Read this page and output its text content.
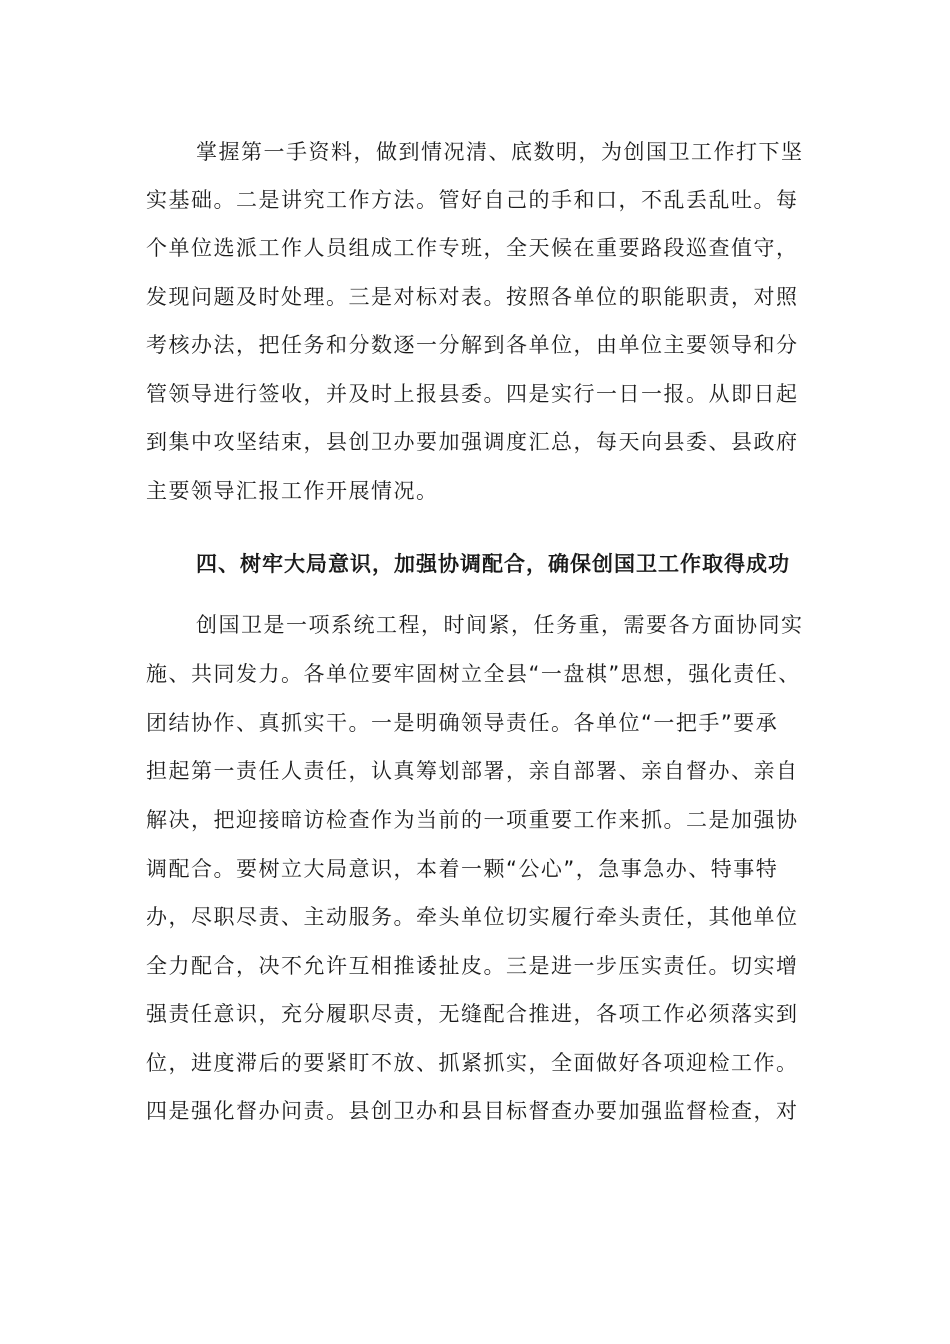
掌握第一手资料，做到情况清、底数明，为创国卫工作打下坚
实基础。二是讲究工作方法。管好自己的手和口，不乱丢乱吐。每
个单位选派工作人员组成工作专班，全天候在重要路段巡查值守，
发现问题及时处理。三是对标对表。按照各单位的职能职责，对照
考核办法，把任务和分数逐一分解到各单位，由单位主要领导和分
管领导进行签收，并及时上报县委。四是实行一日一报。从即日起
到集中攻坚结束，县创卫办要加强调度汇总，每天向县委、县政府
主要领导汇报工作开展情况。
四、树牢大局意识，加强协调配合，确保创国卫工作取得成功
创国卫是一项系统工程，时间紧，任务重，需要各方面协同实
施、共同发力。各单位要牢固树立全县“一盘棋”思想，强化责任、
团结协作、真抓实干。一是明确领导责任。各单位“一把手”要承
担起第一责任人责任，认真筹划部署，亲自部署、亲自督办、亲自
解决，把迎接暗访检查作为当前的一项重要工作来抓。二是加强协
调配合。要树立大局意识，本着一颗“公心”，急事急办、特事特
办，尽职尽责、主动服务。牵头单位切实履行牵头责任，其他单位
全力配合，决不允许互相推诿扯皮。三是进一步压实责任。切实增
强责任意识，充分履职尽责，无缝配合推进，各项工作必须落实到
位，进度滞后的要紧盯不放、抓紧抓实，全面做好各项迎检工作。
四是强化督办问责。县创卫办和县目标督查办要加强监督检查，对
